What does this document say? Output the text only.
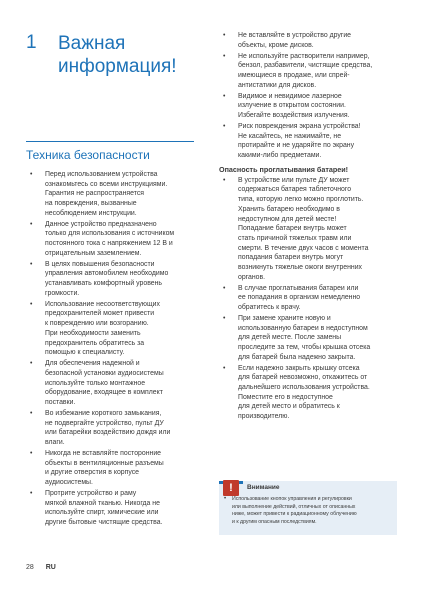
1 Важная
информация!
Техника безопасности
• Перед использованием устройства
ознакомьтесь со всеми инструкциями.
Гарантия не распространяется
на повреждения, вызванные
несоблюдением инструкции.
• Данное устройство предназначено
только для использования с источником
постоянного тока с напряжением 12 В и
отрицательным заземлением.
• В целях повышения безопасности
управления автомобилем необходимо
устанавливать комфортный уровень
громкости.
• Использование несоответствующих
предохранителей может привести
к повреждению или возгоранию.
При необходимости заменить
предохранитель обратитесь за
помощью к специалисту.
• Для обеспечения надежной и
безопасной установки аудиосистемы
используйте только монтажное
оборудование, входящее в комплект
поставки.
• Во избежание короткого замыкания,
не подвергайте устройство, пульт ДУ
или батарейки воздействию дождя или
влаги.
• Никогда не вставляйте посторонние
объекты в вентиляционные разъемы
и другие отверстия в корпусе
аудиосистемы.
• Протрите устройство и раму
мягкой влажной тканью. Никогда не
используйте спирт, химические или
другие бытовые чистящие средства.
• Не вставляйте в устройство другие
объекты, кроме дисков.
• Не используйте растворители например,
бензол, разбавители, чистящие средства,
имеющиеся в продаже, или спрей-
антистатики для дисков.
• Видимое и невидимое лазерное
излучение в открытом состоянии.
Избегайте воздействия излучения.
• Риск повреждения экрана устройства!
Не касайтесь, не нажимайте, не
протирайте и не ударяйте по экрану
какими-либо предметами.
Опасность проглатывания батареи!
• В устройстве или пульте ДУ может
содержаться батарея таблеточного
типа, которую легко можно проглотить.
Хранить батарею необходимо в
недоступном для детей месте!
Попадание батареи внутрь может
стать причиной тяжелых травм или
смерти. В течение двух часов с момента
попадания батареи внутрь могут
возникнуть тяжелые ожоги внутренних
органов.
• В случае проглатывания батареи или
ее попадания в организм немедленно
обратитесь к врачу.
• При замене храните новую и
использованную батареи в недоступном
для детей месте. После замены
проследите за тем, чтобы крышка отсека
для батарей была надежно закрыта.
• Если надежно закрыть крышку отсека
для батарей невозможно, откажитесь от
дальнейшего использования устройства.
Поместите его в недоступное
для детей место и обратитесь к
производителю.
!	Внимание
• Использование кнопок управления и регулировки
или выполнение действий, отличных от описанных
ниже, может привести к радиационному облучению
и к другим опасным последствиям.
28 RU
